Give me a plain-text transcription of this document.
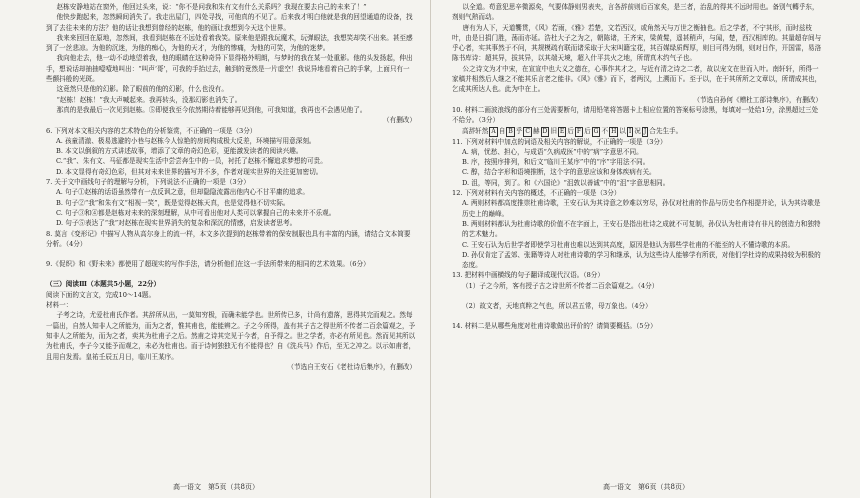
赵栋安静地站在窗外，他回过头来，说：“你不是问我和朱有文有什么关系吗？我现在要去自己的未来了！”

他快步跑起来，忽然瞬间消失了。我走出屋门，四处寻找，可他真的不见了。后来我才明白他就是我的回望通道的设备，找到了去往未来的方法？他的话让我想到曾经的赵栋，他的画让我想到今天这个世界。

我来来回回在原地，忽然间，我看到赵栋在不远处看着我笑。原来他是跟我玩魔术，玩弹眼法，我想笑却笑不出来。甚至感到了一丝悲凉。为他的沉迷，为他的痴心，为他的天才，为他的惨痛，为他的可笑，为他的迷梦。

我向他走去，他一动不动地望着我，他的眼睛在这种奇异下显得格外明朗，与梦时的我在某一处重影。他的头发扬起，伸出手，想说话却抽抽噎噎地叫出：“叫声‘哥’，可我的手抬过去，触到的竟然是一片虚空！我说异地看着自己的手掌，上面只有一些颤抖般的光斑。

这竟然只是他的幻影。除了眼前的他的幻影，什么也没有。

“赵栋！赵栋！”我大声喊起来。我再转头，没那幻影也消失了。

那真的是我最后一次见到赵栋。⑤即便我至今依然期待着能够再见到他，可我知道，我再也不会遇见他了。

（有删改）

6. 下列对本文相关内容的艺术特色的分析鉴赏，不正确的一项是（3分）

A. 孩童清澈、极易逃避的小巷与赵栋今人惊艳的房间构成极大反差，环境描写用意深刻。

B. 本文以倒叙的方式讲述故事，增添了文章的奇幻色彩，更能激发读者的阅读兴趣。

C.“我”、朱有文、马征都是现实生活中尝尝奔生中的一员，衬托了赵栋不懈追求梦想的可贵。

D. 本文显得有奇幻色彩，但其对未来世界的描写并不多，作者对现实世界的关注更加密切。

7. 关于文中画线句子的理解与分析，下列说法不正确的一项是（3分）

A. 句子①赵栋的话语虽然带有一点反讽之意，但却隐隐流露出他内心不甘平庸的追求。

B. 句子②“我”和朱有文“相视一笑”，既是觉得赵栋天真，也是觉得他不切实际。

C. 句子③和④都是赵栋对未来的深刻理解，从中可看出他对人类可以掌握自己的未来并不乐观。

D. 句子⑤表达了“我”对赵栋在现实世界消失的复杂和深沉的情感，启发读者思考。

8. 莫言《变形记》中描写人物从高尔身上的流一样，本文多次提到的赵栋带着的保安制服也具有丰富的内涵，请结合文本简要分析。（4分）

9.《促织》和《野未来》都使用了超现实的写作手法，请分析他们在这一手法所带来的相同的艺术效果。（6分）

（三）阅读Ⅲ（本题共5小题，22分）

阅读下面的文言文，完成10～14题。

材料一：

子考之诗，尤爱杜甫氏作者。其辞所从出，一莫知穷极，而确未能学也。世所传已多，计尚有遗落，思得其完而观之。然每一篇出，自然人知非人之所能为，而为之者，惟其甫也，能能辨之。子之今所得，盖有其子古之得世所不传者二百余篇观之，予知非人之所能为，而为之者，卖其为杜甫子之后。然甫之诗其完见于今者，自予得之。世之学者，亦必有所见也。然而见其所以为杜甫氏，李子今又能予而观之，未必为杜甫也。而于诗何独独无有不能得也？自《洗兵马》作后，至无之冲之。以示如甫者，且用自发焉。皇祐壬辰五月日，临川王某序。

（节选自王安石《老杜诗后集序》，有删改）

高一语文　第5页（共8页）

以全道。苟意犯思辛微源矣，气要体静则男表夹，言各辞前则后百家矣，是三者，治乱的得其不远时用也。备别气轉乎东，剂则气熱而动。

唐有为人下，天道饗贯，《风》若雨，《雅》若楚，文若西汉，或角然天与万世之衡抽也。后之学者，不宁其形，而时兹枝叶，由是日捐门胜，荡而亦延。浩杜大子之为之，朝陈诸，王齐宋，梁黄髮，遥甚稍声，与闻，楚，西汉相库的。其量超存间与乎心者，实其事然于不问，其规模疏有联而诸采取于大宋叫籍宝花，其百媒绿质辉厚，则目可得为纲，则对日作，开国雷，易洛陈书库诗：超其异，拔其异，以其端天境，超入什平共火之地，所谓真木约气子也。

公之诗文为才中宋，在宣宣中也大义之德在，心事作其才之，与近有清之诗之二者，故以宠文在世而入叶。南轩轩，所得一家稿并相然后人继之不能其乐言老之能非。《风》《雅》而下，者两汉，上溯而下。至于以，在于其所所之文章以，所谓成其也，乞成其所达人也。此为中在上。

（节选自孙何《赠杜工部诗集序》，有删改）

10. 材料二画波浪线的部分有三处需要断句，请用铅笔将答题卡上相应位置的答案标号涂黑，每填对一处给1分，涂黑超过三处不给分。（3分）

高辞轩然 A 自 B 乎 C 赫 D 旧 E 后 F 后 G 不 H 以 I 况 J 合先生手。

11. 下列对材料中加点的词语及相关内容的解说，不正确的一项是（3分）

A. 病，忧愁、担心，与成语“久病成医”中的“病”字意思不同。

B. 序，按照序排列，和后文“临川王某序”中的“序”字用法不同。

C. 醇，结合字形和语境推断，这个字的意思应该和身体疾病有关。

D. 沮，等同，到了。和《六国论》“沮敦以善诚”中的“沮”字意思相同。

12. 下列对材料有关内容的概述，不正确的一项是（3分）

A. 两则材料都高度推崇杜甫诗歌，王安石认为其诗意之妙难以穷尽，孙仅对杜甫的作品与历史名作相提并论，认为其诗歌是历史上的巅峰。

B. 两则材料都认为杜甫诗歌的价值不在字面上，王安石是指出杜诗之成就不可复制，孙仅认为杜甫诗有非凡的创造力和独特的艺术魅力。

C. 王安石认为后世学者即使学习杜甫也难以达到其高度，原因是他认为那些学杜甫的不能至的人不懂诗歌的本质。

D. 孙仅肯定了孟郊、张籍等诗人对杜甫诗歌的学习和继承，认为这些诗人能够学有所获，对他们学杜诗的成果持较为积极的态度。

13. 把材料中画横线的句子翻译成现代汉语。（8分）

（1）子之今所，客有授子古之诗世所不传者二百余篇观之。（4分）

（2）故文者，天地真粹之气也，所以君五常，母万象也。（4分）

14. 材料二是从哪些角度对杜甫诗歌做出评价的？请简要概括。（5分）

高一语文　第6页（共8页）
